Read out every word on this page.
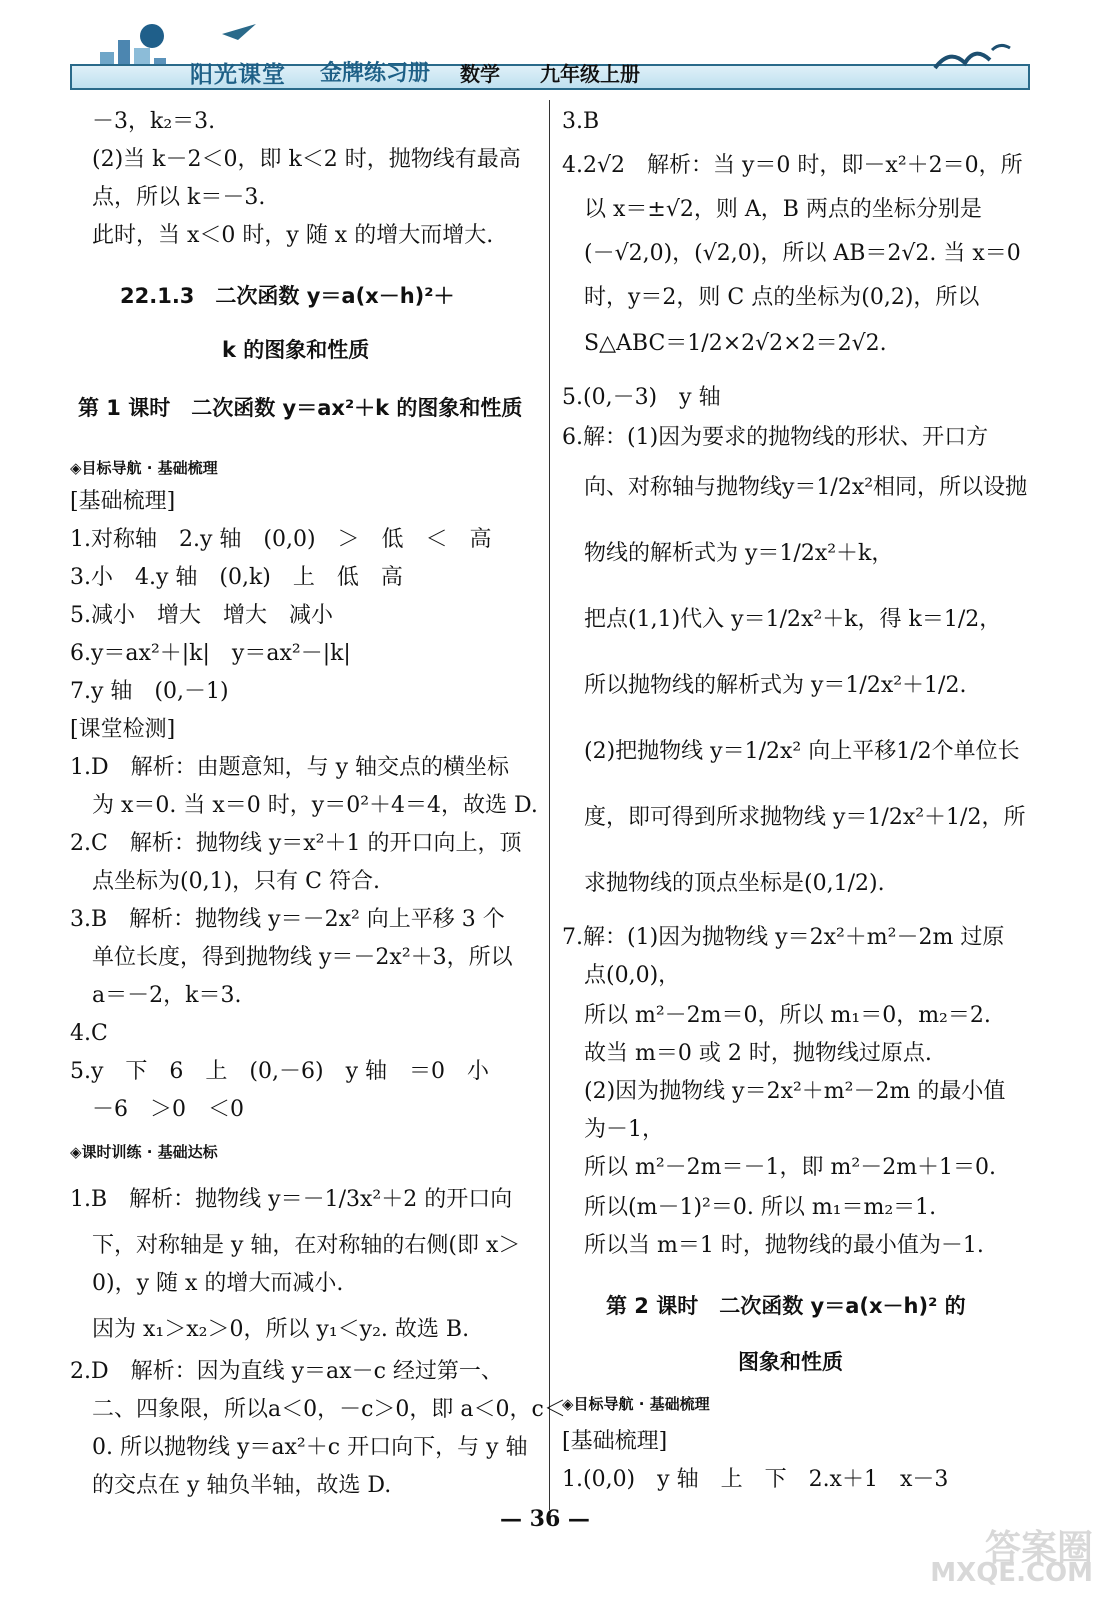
阳光课堂 金牌练习册 数学 九年级上册
－3，k₂＝3.
(2)当 k－2＜0，即 k＜2 时，抛物线有最高
点，所以 k＝－3.
此时，当 x＜0 时，y 随 x 的增大而增大.
22.1.3　二次函数 y＝a(x－h)²＋
k 的图象和性质
第 1 课时　二次函数 y＝ax²＋k 的图象和性质
◈目标导航 · 基础梳理
[基础梳理]
1.对称轴　2.y 轴　(0,0)　＞　低　＜　高
3.小　4.y 轴　(0,k)　上　低　高
5.减小　增大　增大　减小
6.y＝ax²＋|k|　y＝ax²－|k|
7.y 轴　(0,－1)
[课堂检测]
1.D　解析：由题意知，与 y 轴交点的横坐标
为 x＝0. 当 x＝0 时，y＝0²＋4＝4，故选 D.
2.C　解析：抛物线 y＝x²＋1 的开口向上，顶
点坐标为(0,1)，只有 C 符合.
3.B　解析：抛物线 y＝－2x² 向上平移 3 个
单位长度，得到抛物线 y＝－2x²＋3，所以
a＝－2，k＝3.
4.C
5.y　下　6　上　(0,－6)　y 轴　＝0　小
－6　＞0　＜0
◈课时训练 · 基础达标
1.B　解析：抛物线 y＝－1/3x²＋2 的开口向
下，对称轴是 y 轴，在对称轴的右侧(即 x＞
0)，y 随 x 的增大而减小.
因为 x₁＞x₂＞0，所以 y₁＜y₂. 故选 B.
2.D　解析：因为直线 y＝ax－c 经过第一、
二、四象限，所以a＜0，－c＞0，即 a＜0，c＜
0. 所以抛物线 y＝ax²＋c 开口向下，与 y 轴
的交点在 y 轴负半轴，故选 D.
3.B
4.2√2　解析：当 y＝0 时，即－x²＋2＝0，所
以 x＝±√2，则 A，B 两点的坐标分别是
(－√2,0)，(√2,0)，所以 AB＝2√2. 当 x＝0
时，y＝2，则 C 点的坐标为(0,2)，所以
S△ABC＝1/2×2√2×2＝2√2.
5.(0,－3)　y 轴
6.解：(1)因为要求的抛物线的形状、开口方
向、对称轴与抛物线y＝1/2x²相同，所以设抛
物线的解析式为 y＝1/2x²＋k，
把点(1,1)代入 y＝1/2x²＋k，得 k＝1/2，
所以抛物线的解析式为 y＝1/2x²＋1/2.
(2)把抛物线 y＝1/2x² 向上平移1/2个单位长
度，即可得到所求抛物线 y＝1/2x²＋1/2，所
求抛物线的顶点坐标是(0,1/2).
7.解：(1)因为抛物线 y＝2x²＋m²－2m 过原
点(0,0)，
所以 m²－2m＝0，所以 m₁＝0，m₂＝2.
故当 m＝0 或 2 时，抛物线过原点.
(2)因为抛物线 y＝2x²＋m²－2m 的最小值
为－1，
所以 m²－2m＝－1，即 m²－2m＋1＝0.
所以(m－1)²＝0. 所以 m₁＝m₂＝1.
所以当 m＝1 时，抛物线的最小值为－1.
第 2 课时　二次函数 y＝a(x－h)² 的
图象和性质
◈目标导航 · 基础梳理
[基础梳理]
1.(0,0)　y 轴　上　下　2.x＋1　x－3
— 36 —
答案圈
MXQE.COM
